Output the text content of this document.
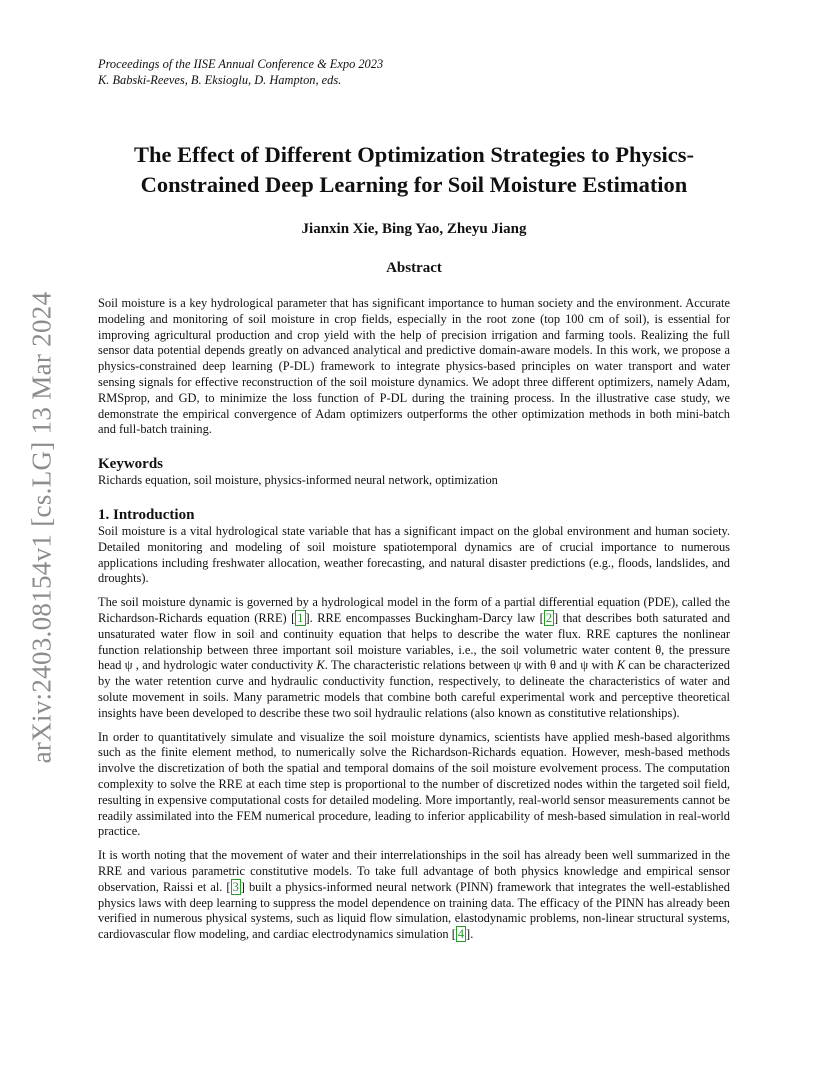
arXiv:2403.08154v1 [cs.LG] 13 Mar 2024

Proceedings of the IISE Annual Conference & Expo 2023

K. Babski-Reeves, B. Eksioglu, D. Hampton, eds.

The Effect of Different Optimization Strategies to Physics-Constrained Deep Learning for Soil Moisture Estimation

Jianxin Xie, Bing Yao, Zheyu Jiang

Abstract

Soil moisture is a key hydrological parameter that has significant importance to human society and the environment. Accurate modeling and monitoring of soil moisture in crop fields, especially in the root zone (top 100 cm of soil), is essential for improving agricultural production and crop yield with the help of precision irrigation and farming tools. Realizing the full sensor data potential depends greatly on advanced analytical and predictive domain-aware models. In this work, we propose a physics-constrained deep learning (P-DL) framework to integrate physics-based principles on water transport and water sensing signals for effective reconstruction of the soil moisture dynamics. We adopt three different optimizers, namely Adam, RMSprop, and GD, to minimize the loss function of P-DL during the training process. In the illustrative case study, we demonstrate the empirical convergence of Adam optimizers outperforms the other optimization methods in both mini-batch and full-batch training.

Keywords

Richards equation, soil moisture, physics-informed neural network, optimization

1. Introduction

Soil moisture is a vital hydrological state variable that has a significant impact on the global environment and human society. Detailed monitoring and modeling of soil moisture spatiotemporal dynamics are of crucial importance to numerous applications including freshwater allocation, weather forecasting, and natural disaster predictions (e.g., floods, landslides, and droughts).

The soil moisture dynamic is governed by a hydrological model in the form of a partial differential equation (PDE), called the Richardson-Richards equation (RRE) [ 1 ] . RRE encompasses Buckingham-Darcy law [ 2 ] that describes both saturated and unsaturated water flow in soil and continuity equation that helps to describe the water flux. RRE captures the nonlinear function relationship between three important soil moisture variables, i.e., the soil volumetric water content θ, the pressure head ψ , and hydrologic water conductivity K. The characteristic relations between ψ with θ and ψ with K can be characterized by the water retention curve and hydraulic conductivity function, respectively, to delineate the characteristics of water and solute movement in soils. Many parametric models that combine both careful experimental work and perceptive theoretical insights have been developed to describe these two soil hydraulic relations (also known as constitutive relationships).

In order to quantitatively simulate and visualize the soil moisture dynamics, scientists have applied mesh-based algorithms such as the finite element method, to numerically solve the Richardson-Richards equation. However, mesh-based methods involve the discretization of both the spatial and temporal domains of the soil moisture evolvement process. The computation complexity to solve the RRE at each time step is proportional to the number of discretized nodes within the targeted soil field, resulting in expensive computational costs for detailed modeling. More importantly, real-world sensor measurements cannot be readily assimilated into the FEM numerical procedure, leading to inferior applicability of mesh-based simulation in real-world practice.

It is worth noting that the movement of water and their interrelationships in the soil has already been well summarized in the RRE and various parametric constitutive models. To take full advantage of both physics knowledge and empirical sensor observation, Raissi et al. [ 3 ] built a physics-informed neural network (PINN) framework that integrates the well-established physics laws with deep learning to suppress the model dependence on training data. The efficacy of the PINN has already been verified in numerous physical systems, such as liquid flow simulation, elastodynamic problems, non-linear structural systems, cardiovascular flow modeling, and cardiac electrodynamics simulation [ 4 ] .
